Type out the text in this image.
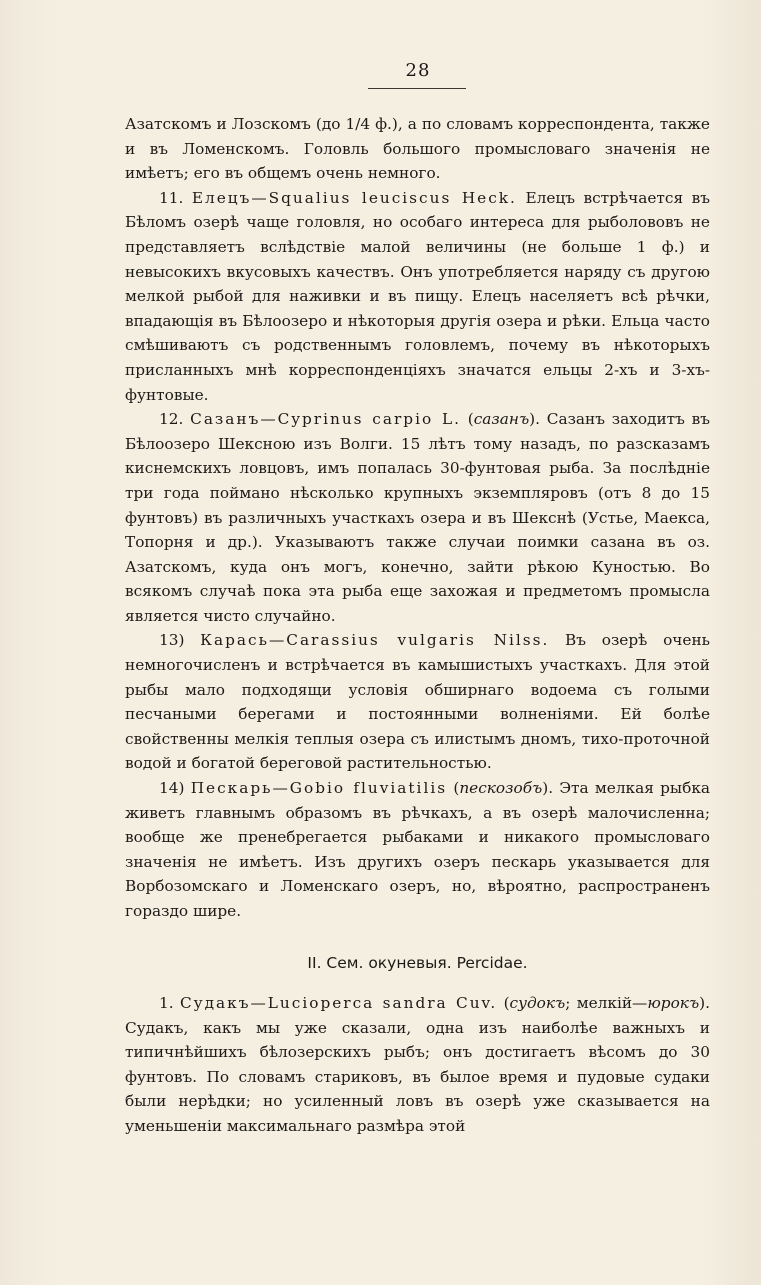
28

Азатскомъ и Лозскомъ (до 1/4 ф.), а по словамъ корреспондента, также и въ Ломенскомъ. Головль большого промысловаго значенія не имѣетъ; его въ общемъ очень немного.

11. Елецъ—Squalius leuciscus Heck. Елецъ встрѣчается въ Бѣломъ озерѣ чаще головля, но особаго интереса для рыболововъ не представляетъ вслѣдствіе малой величины (не больше 1 ф.) и невысокихъ вкусовыхъ качествъ. Онъ употребляется наряду съ другою мелкой рыбой для наживки и въ пищу. Елецъ населяетъ всѣ рѣчки, впадающія въ Бѣлоозеро и нѣкоторыя другія озера и рѣки. Ельца часто смѣшиваютъ съ родственнымъ головлемъ, почему въ нѣкоторыхъ присланныхъ мнѣ корреспонденціяхъ значатся ельцы 2-хъ и 3-хъ-фунтовые.

12. Сазанъ—Cyprinus carpio L. (сазанъ). Сазанъ заходитъ въ Бѣлоозеро Шексною изъ Волги. 15 лѣтъ тому назадъ, по разсказамъ киснемскихъ ловцовъ, имъ попалась 30-фунтовая рыба. За послѣдніе три года поймано нѣсколько крупныхъ экземпляровъ (отъ 8 до 15 фунтовъ) въ различныхъ участкахъ озера и въ Шекснѣ (Устье, Маекса, Топорня и др.). Указываютъ также случаи поимки сазана въ оз. Азатскомъ, куда онъ могъ, конечно, зайти рѣкою Куностью. Во всякомъ случаѣ пока эта рыба еще захожая и предметомъ промысла является чисто случайно.

13) Карась—Carassius vulgaris Nilss. Въ озерѣ очень немногочисленъ и встрѣчается въ камышистыхъ участкахъ. Для этой рыбы мало подходящи условія обширнаго водоема съ голыми песчаными берегами и постоянными волненіями. Ей болѣе свойственны мелкія теплыя озера съ илистымъ дномъ, тихо-проточной водой и богатой береговой растительностью.

14) Пескарь—Gobio fluviatilis (пескозобъ). Эта мелкая рыбка живетъ главнымъ образомъ въ рѣчкахъ, а въ озерѣ малочисленна; вообще же пренебрегается рыбаками и никакого промысловаго значенія не имѣетъ. Изъ другихъ озеръ пескарь указывается для Ворбозомскаго и Ломенскаго озеръ, но, вѣроятно, распространенъ гораздо шире.

II. Сем. окуневыя. Percidae.

1. Судакъ—Lucioperca sandra Cuv. (судокъ; мелкій—юрокъ). Судакъ, какъ мы уже сказали, одна изъ наиболѣе важныхъ и типичнѣйшихъ бѣлозерскихъ рыбъ; онъ достигаетъ вѣсомъ до 30 фунтовъ. По словамъ стариковъ, въ былое время и пудовые судаки были нерѣдки; но усиленный ловъ въ озерѣ уже сказывается на уменьшеніи максимальнаго размѣра этой
